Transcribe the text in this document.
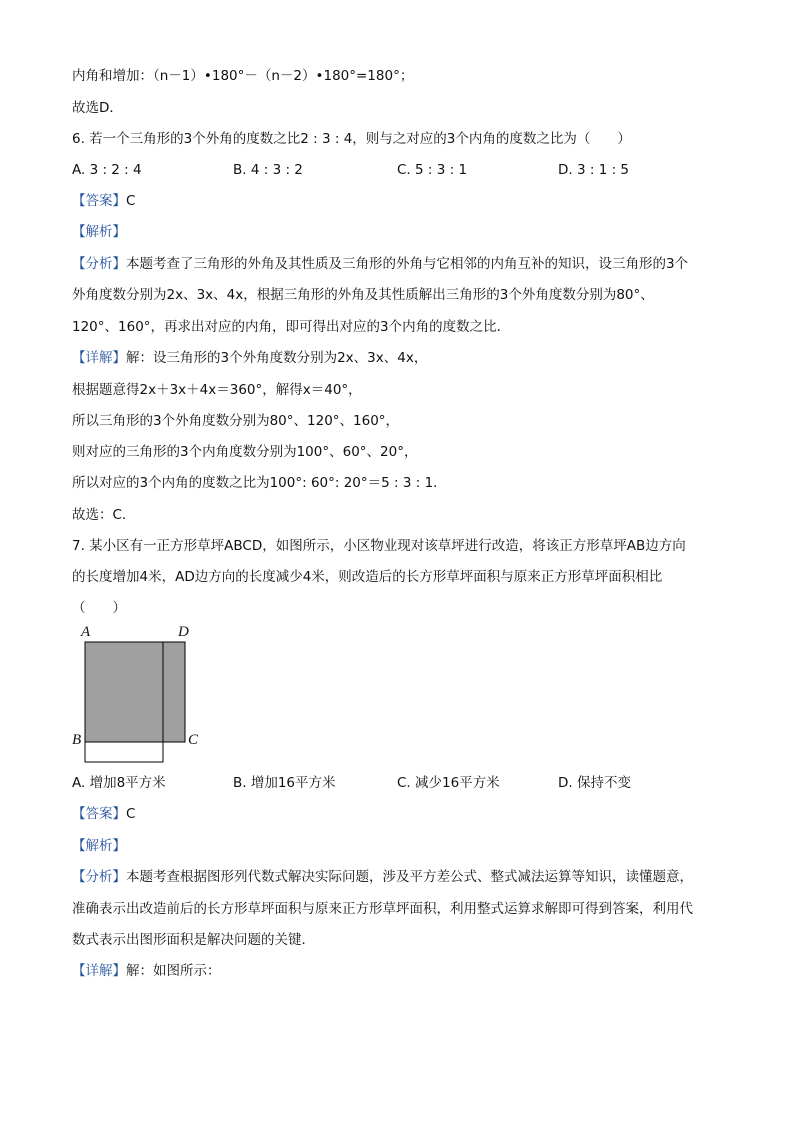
内角和增加：（n－1）•180°－（n－2）•180°=180°；
故选D．
6. 若一个三角形的3个外角的度数之比2 : 3 : 4，则与之对应的3个内角的度数之比为（　　）
A. 3 : 2 : 4	B. 4 : 3 : 2	C. 5 : 3 : 1	D. 3 : 1 : 5
【答案】C
【解析】
【分析】本题考查了三角形的外角及其性质及三角形的外角与它相邻的内角互补的知识，设三角形的3个
外角度数分别为2x、3x、4x，根据三角形的外角及其性质解出三角形的3个外角度数分别为80°、
120°、160°，再求出对应的内角，即可得出对应的3个内角的度数之比．
【详解】解：设三角形的3个外角度数分别为2x、3x、4x，
根据题意得2x＋3x＋4x＝360°，解得x＝40°，
所以三角形的3个外角度数分别为80°、120°、160°，
则对应的三角形的3个内角度数分别为100°、60°、20°，
所以对应的3个内角的度数之比为100°: 60°: 20°＝5 : 3 : 1．
故选：C．
7. 某小区有一正方形草坪ABCD，如图所示，小区物业现对该草坪进行改造，将该正方形草坪AB边方向
的长度增加4米，AD边方向的长度减少4米，则改造后的长方形草坪面积与原来正方形草坪面积相比
（　　）
A	D
B	C
A. 增加8平方米	B. 增加16平方米	C. 减少16平方米	D. 保持不变
【答案】C
【解析】
【分析】本题考查根据图形列代数式解决实际问题，涉及平方差公式、整式减法运算等知识，读懂题意，
准确表示出改造前后的长方形草坪面积与原来正方形草坪面积，利用整式运算求解即可得到答案，利用代
数式表示出图形面积是解决问题的关键．
【详解】解：如图所示：
